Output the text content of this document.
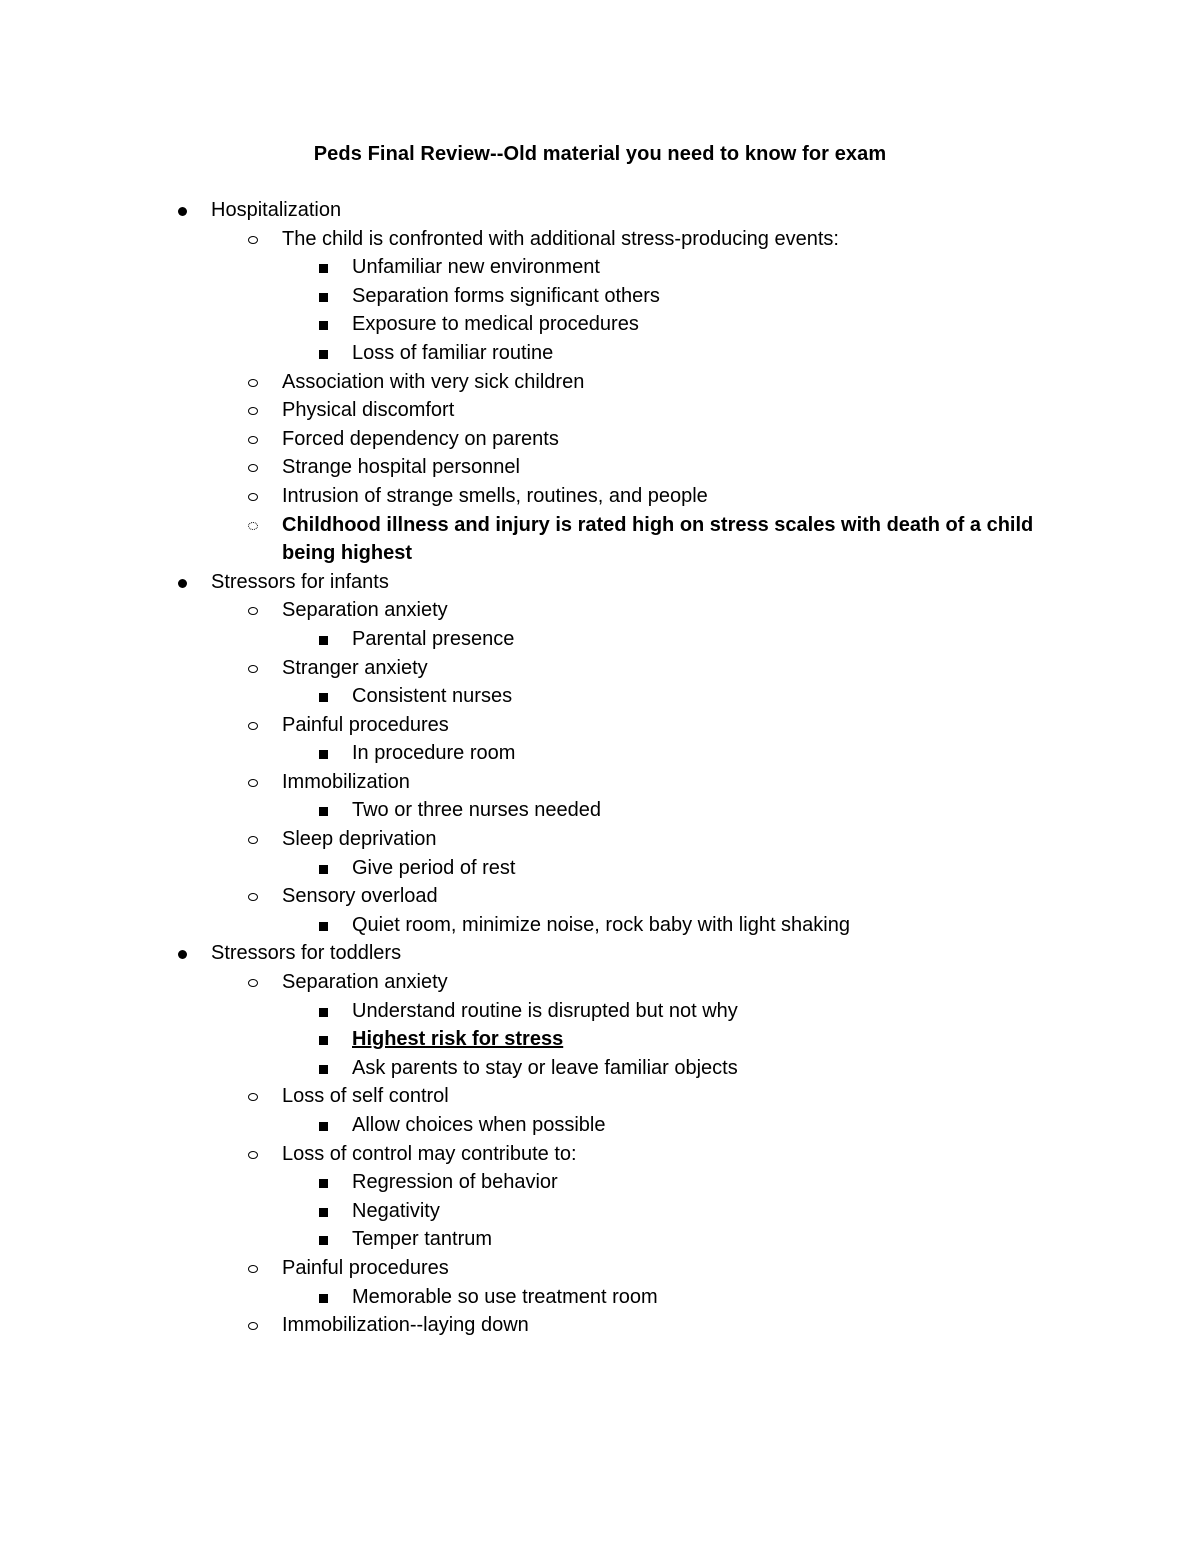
Peds Final Review--Old material you need to know for exam
Hospitalization
The child is confronted with additional stress-producing events:
Unfamiliar new environment
Separation forms significant others
Exposure to medical procedures
Loss of familiar routine
Association with very sick children
Physical discomfort
Forced dependency on parents
Strange hospital personnel
Intrusion of strange smells, routines, and people
Childhood illness and injury is rated high on stress scales with death of a child being highest
Stressors for infants
Separation anxiety
Parental presence
Stranger anxiety
Consistent nurses
Painful procedures
In procedure room
Immobilization
Two or three nurses needed
Sleep deprivation
Give period of rest
Sensory overload
Quiet room, minimize noise, rock baby with light shaking
Stressors for toddlers
Separation anxiety
Understand routine is disrupted but not why
Highest risk for stress
Ask parents to stay or leave familiar objects
Loss of self control
Allow choices when possible
Loss of control may contribute to:
Regression of behavior
Negativity
Temper tantrum
Painful procedures
Memorable so use treatment room
Immobilization--laying down
